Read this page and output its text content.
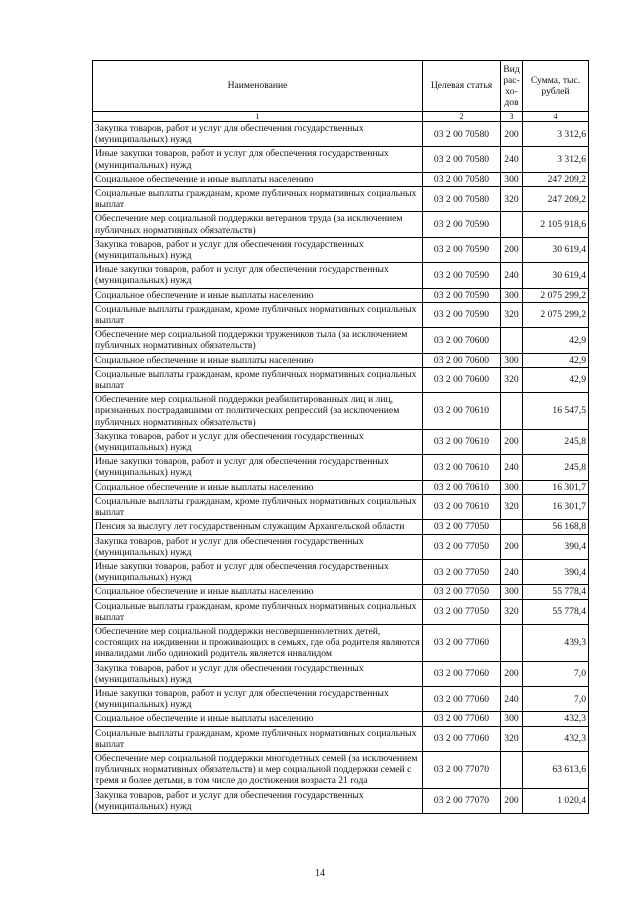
Наименование	Целевая статья	Вид рас-хо-дов	Сумма, тыс. рублей
1	2	3	4
Закупка товаров, работ и услуг для обеспечения государственных (муниципальных) нужд	03 2 00 70580	200	3 312,6
Иные закупки товаров, работ и услуг для обеспечения государственных (муниципальных) нужд	03 2 00 70580	240	3 312,6
Социальное обеспечение и иные выплаты населению	03 2 00 70580	300	247 209,2
Социальные выплаты гражданам, кроме публичных нормативных социальных выплат	03 2 00 70580	320	247 209,2
Обеспечение мер социальной поддержки ветеранов труда (за исключением публичных нормативных обязательств)	03 2 00 70590		2 105 918,6
Закупка товаров, работ и услуг для обеспечения государственных (муниципальных) нужд	03 2 00 70590	200	30 619,4
Иные закупки товаров, работ и услуг для обеспечения государственных (муниципальных) нужд	03 2 00 70590	240	30 619,4
Социальное обеспечение и иные выплаты населению	03 2 00 70590	300	2 075 299,2
Социальные выплаты гражданам, кроме публичных нормативных социальных выплат	03 2 00 70590	320	2 075 299,2
Обеспечение мер социальной поддержки тружеников тыла (за исключением публичных нормативных обязательств)	03 2 00 70600		42,9
Социальное обеспечение и иные выплаты населению	03 2 00 70600	300	42,9
Социальные выплаты гражданам, кроме публичных нормативных социальных выплат	03 2 00 70600	320	42,9
Обеспечение мер социальной поддержки реабилитированных лиц и лиц, признанных пострадавшими от политических репрессий (за исключением публичных нормативных обязательств)	03 2 00 70610		16 547,5
Закупка товаров, работ и услуг для обеспечения государственных (муниципальных) нужд	03 2 00 70610	200	245,8
Иные закупки товаров, работ и услуг для обеспечения государственных (муниципальных) нужд	03 2 00 70610	240	245,8
Социальное обеспечение и иные выплаты населению	03 2 00 70610	300	16 301,7
Социальные выплаты гражданам, кроме публичных нормативных социальных выплат	03 2 00 70610	320	16 301,7
Пенсия за выслугу лет государственным служащим Архангельской области	03 2 00 77050		56 168,8
Закупка товаров, работ и услуг для обеспечения государственных (муниципальных) нужд	03 2 00 77050	200	390,4
Иные закупки товаров, работ и услуг для обеспечения государственных (муниципальных) нужд	03 2 00 77050	240	390,4
Социальное обеспечение и иные выплаты населению	03 2 00 77050	300	55 778,4
Социальные выплаты гражданам, кроме публичных нормативных социальных выплат	03 2 00 77050	320	55 778,4
Обеспечение мер социальной поддержки несовершеннолетних детей, состоящих на иждивении и проживающих в семьях, где оба родителя являются инвалидами либо одинокий родитель является инвалидом	03 2 00 77060		439,3
Закупка товаров, работ и услуг для обеспечения государственных (муниципальных) нужд	03 2 00 77060	200	7,0
Иные закупки товаров, работ и услуг для обеспечения государственных (муниципальных) нужд	03 2 00 77060	240	7,0
Социальное обеспечение и иные выплаты населению	03 2 00 77060	300	432,3
Социальные выплаты гражданам, кроме публичных нормативных социальных выплат	03 2 00 77060	320	432,3
Обеспечение мер социальной поддержки многодетных семей (за исключением публичных нормативных обязательств) и мер социальной поддержки семей с тремя и более детьми, в том числе до достижения возраста 21 года	03 2 00 77070		63 613,6
Закупка товаров, работ и услуг для обеспечения государственных (муниципальных) нужд	03 2 00 77070	200	1 020,4
14
